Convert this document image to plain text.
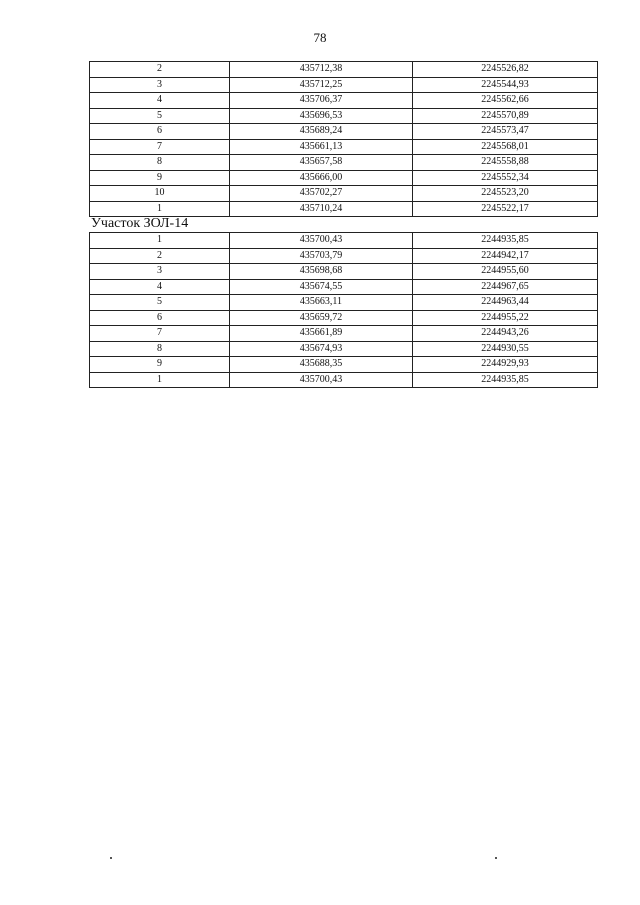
78
2	435712,38	2245526,82
3	435712,25	2245544,93
4	435706,37	2245562,66
5	435696,53	2245570,89
6	435689,24	2245573,47
7	435661,13	2245568,01
8	435657,58	2245558,88
9	435666,00	2245552,34
10	435702,27	2245523,20
1	435710,24	2245522,17
Участок ЗОЛ-14
1	435700,43	2244935,85
2	435703,79	2244942,17
3	435698,68	2244955,60
4	435674,55	2244967,65
5	435663,11	2244963,44
6	435659,72	2244955,22
7	435661,89	2244943,26
8	435674,93	2244930,55
9	435688,35	2244929,93
1	435700,43	2244935,85
